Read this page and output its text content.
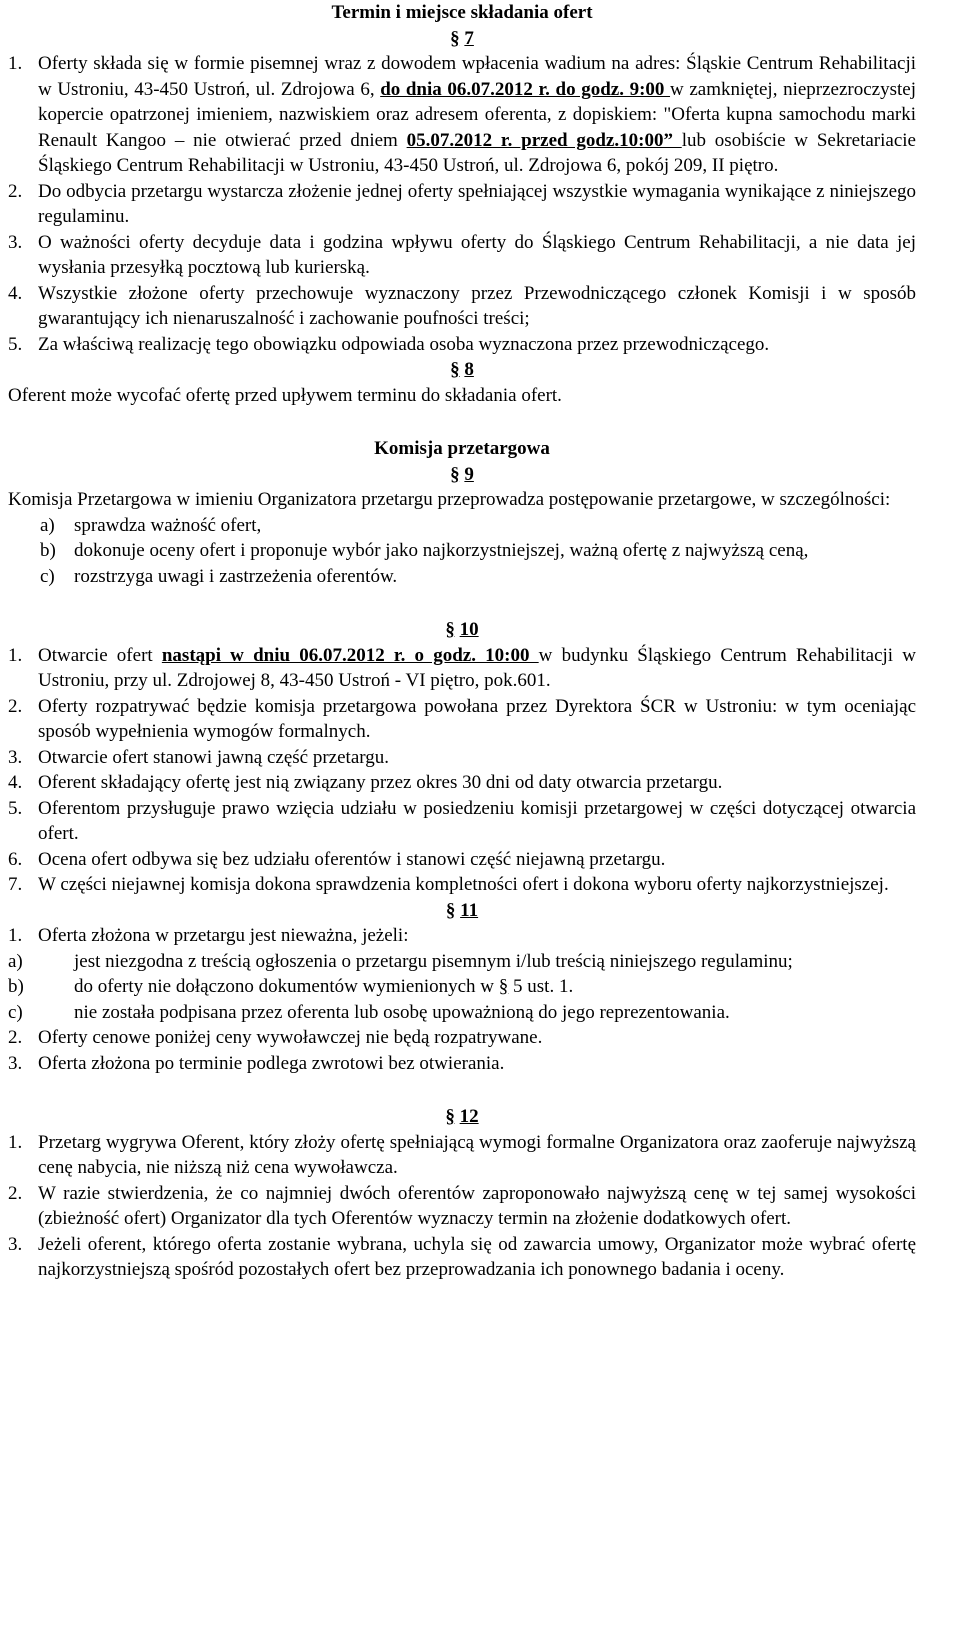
Termin i miejsce składania ofert
§ 7
1. Oferty składa się w formie pisemnej wraz z dowodem wpłacenia wadium na adres: Śląskie Centrum Rehabilitacji w Ustroniu, 43-450 Ustroń, ul. Zdrojowa 6, do dnia 06.07.2012 r. do godz. 9:00 w zamkniętej, nieprzezroczystej kopercie opatrzonej imieniem, nazwiskiem oraz adresem oferenta, z dopiskiem: "Oferta kupna samochodu marki Renault Kangoo – nie otwierać przed dniem 05.07.2012 r. przed godz.10:00” lub osobiście w Sekretariacie Śląskiego Centrum Rehabilitacji w Ustroniu, 43-450 Ustroń, ul. Zdrojowa 6, pokój 209, II piętro.
2. Do odbycia przetargu wystarcza złożenie jednej oferty spełniającej wszystkie wymagania wynikające z niniejszego regulaminu.
3. O ważności oferty decyduje data i godzina wpływu oferty do Śląskiego Centrum Rehabilitacji, a nie data jej wysłania przesyłką pocztową lub kurierską.
4. Wszystkie złożone oferty przechowuje wyznaczony przez Przewodniczącego członek Komisji i w sposób gwarantujący ich nienaruszalność i zachowanie poufności treści;
5. Za właściwą realizację tego obowiązku odpowiada osoba wyznaczona przez przewodniczącego.
§ 8
Oferent może wycofać ofertę przed upływem terminu do składania ofert.
Komisja przetargowa
§ 9
Komisja Przetargowa w imieniu Organizatora przetargu przeprowadza postępowanie przetargowe, w szczególności:
a) sprawdza ważność ofert,
b) dokonuje oceny ofert i proponuje wybór jako najkorzystniejszej, ważną ofertę z najwyższą ceną,
c) rozstrzyga uwagi i zastrzeżenia oferentów.
§ 10
1. Otwarcie ofert nastąpi w dniu 06.07.2012 r. o godz. 10:00 w budynku Śląskiego Centrum Rehabilitacji w Ustroniu, przy ul. Zdrojowej 8, 43-450 Ustroń - VI piętro, pok.601.
2. Oferty rozpatrywać będzie komisja przetargowa powołana przez Dyrektora ŚCR w Ustroniu: w tym oceniając sposób wypełnienia wymogów formalnych.
3. Otwarcie ofert stanowi jawną część przetargu.
4. Oferent składający ofertę jest nią związany przez okres 30 dni od daty otwarcia przetargu.
5. Oferentom przysługuje prawo wzięcia udziału w posiedzeniu komisji przetargowej w części dotyczącej otwarcia ofert.
6. Ocena ofert odbywa się bez udziału oferentów i stanowi część niejawną przetargu.
7. W części niejawnej komisja dokona sprawdzenia kompletności ofert i dokona wyboru oferty najkorzystniejszej.
§ 11
1. Oferta złożona w przetargu jest nieważna, jeżeli:
a)	jest niezgodna z treścią ogłoszenia o przetargu pisemnym i/lub treścią niniejszego regulaminu;
b)	do oferty nie dołączono dokumentów wymienionych w § 5 ust. 1.
c)	nie została podpisana przez oferenta lub osobę upoważnioną do jego reprezentowania.
2. Oferty cenowe poniżej ceny wywoławczej nie będą rozpatrywane.
3. Oferta złożona po terminie podlega zwrotowi bez otwierania.
§ 12
1. Przetarg wygrywa Oferent, który złoży ofertę spełniającą wymogi formalne Organizatora oraz zaoferuje najwyższą cenę nabycia, nie niższą niż cena wywoławcza.
2. W razie stwierdzenia, że co najmniej dwóch oferentów zaproponowało najwyższą cenę w tej samej wysokości (zbieżność ofert) Organizator dla tych Oferentów wyznaczy termin na złożenie dodatkowych ofert.
3. Jeżeli oferent, którego oferta zostanie wybrana, uchyla się od zawarcia umowy, Organizator może wybrać ofertę najkorzystniejszą spośród pozostałych ofert bez przeprowadzania ich ponownego badania i oceny.
